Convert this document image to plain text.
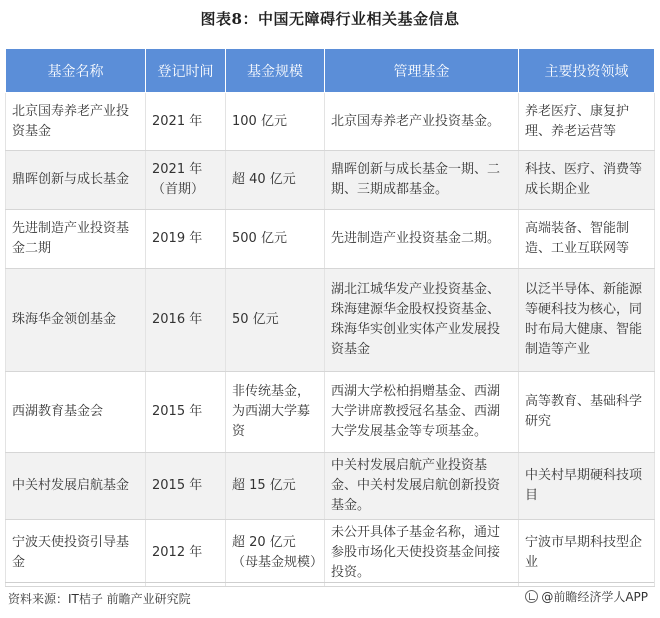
图表8：中国无障碍行业相关基金信息
基金名称	登记时间	基金规模	管理基金	主要投资领域
北京国寿养老产业投资基金	2021 年	100 亿元	北京国寿养老产业投资基金。	养老医疗、康复护理、养老运营等
鼎晖创新与成长基金	2021 年（首期）	超 40 亿元	鼎晖创新与成长基金一期、二期、三期成都基金。	科技、医疗、消费等成长期企业
先进制造产业投资基金二期	2019 年	500 亿元	先进制造产业投资基金二期。	高端装备、智能制造、工业互联网等
珠海华金领创基金	2016 年	50 亿元	湖北江城华发产业投资基金、珠海建源华金股权投资基金、珠海华实创业实体产业发展投资基金	以泛半导体、新能源等硬科技为核心，同时布局大健康、智能制造等产业
西湖教育基金会	2015 年	非传统基金，为西湖大学募资	西湖大学松柏捐赠基金、西湖大学讲席教授冠名基金、西湖大学发展基金等专项基金。	高等教育、基础科学研究
中关村发展启航基金	2015 年	超 15 亿元	中关村发展启航产业投资基金、中关村发展启航创新投资基金。	中关村早期硬科技项目
宁波天使投资引导基金	2012 年	超 20 亿元（母基金规模）	未公开具体子基金名称，通过参股市场化天使投资基金间接投资。	宁波市早期科技型企业
资料来源：IT桔子 前瞻产业研究院	@前瞻经济学人APP
